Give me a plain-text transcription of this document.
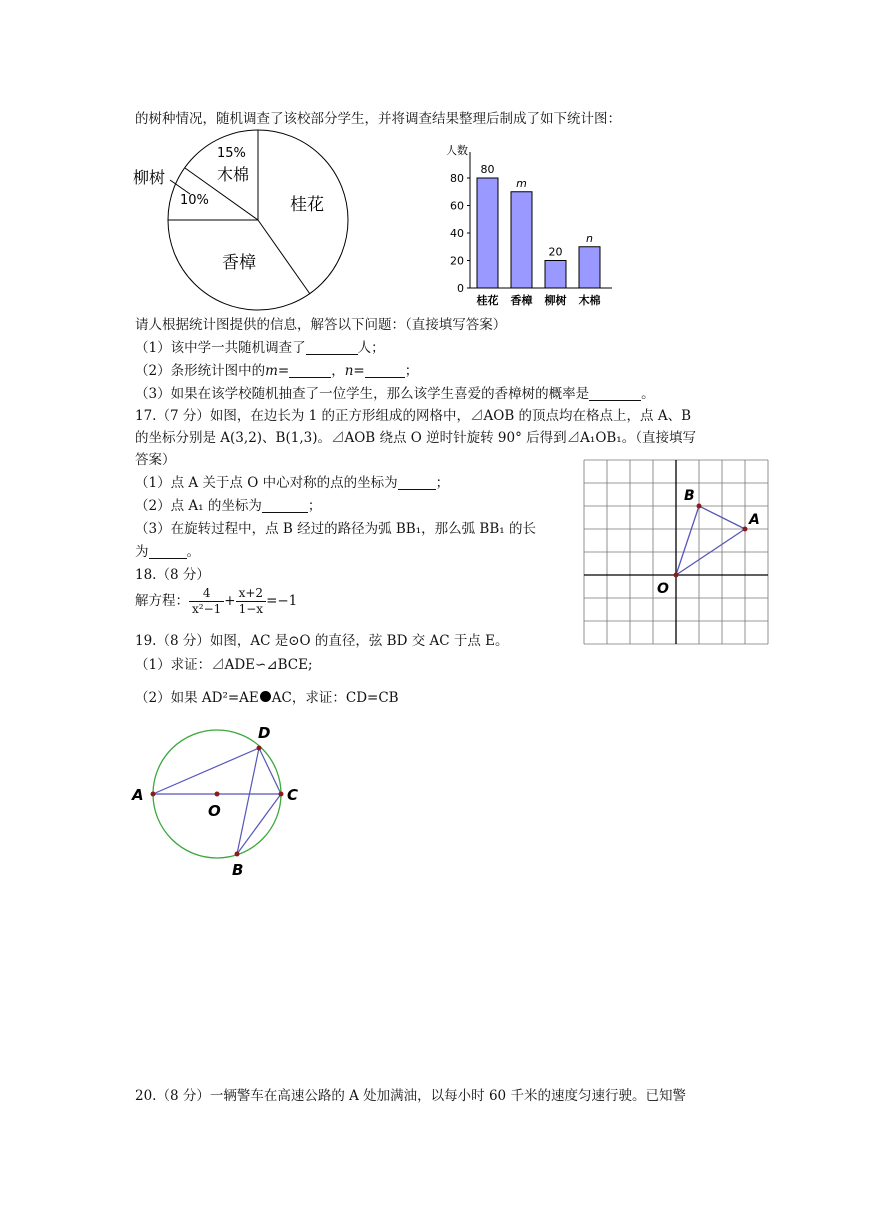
的树种情况，随机调查了该校部分学生，并将调查结果整理后制成了如下统计图：
15%
木棉
柳树
10%	桂花
香樟
人数
0
20
40
60
80
80
桂花
m
香樟
20
柳树
n
木棉
请人根据统计图提供的信息，解答以下问题：（直接填写答案）
（1）该中学一共随机调查了	人；
（2）条形统计图中的m=	，n=	；
（3）如果在该学校随机抽查了一位学生，那么该学生喜爱的香樟树的概率是	。
17.（7 分）如图，在边长为 1 的正方形组成的网格中，⊿AOB 的顶点均在格点上，点 A、B
的坐标分别是 A(3,2)、B(1,3)。⊿AOB 绕点 O 逆时针旋转 90° 后得到⊿A₁OB₁。（直接填写
答案）
（1）点 A 关于点 O 中心对称的点的坐标为	；
（2）点 A₁ 的坐标为	；
（3）在旋转过程中，点 B 经过的路径为弧 BB₁，那么弧 BB₁ 的长
为	。
B
A
O
18.（8 分）
解方程： $\frac{4}{\text{x²−1}} + \frac{x+2}{1-x} =-1$
19.（8 分）如图，AC 是⊙O 的直径，弦 BD 交 AC 于点 E。
（1）求证：⊿ADE∽⊿BCE;
（2）如果 AD²=AE AC，求证：CD=CB
D
A
O
C
B
20.（8 分）一辆警车在高速公路的 A 处加满油，以每小时 60 千米的速度匀速行驶。已知警
